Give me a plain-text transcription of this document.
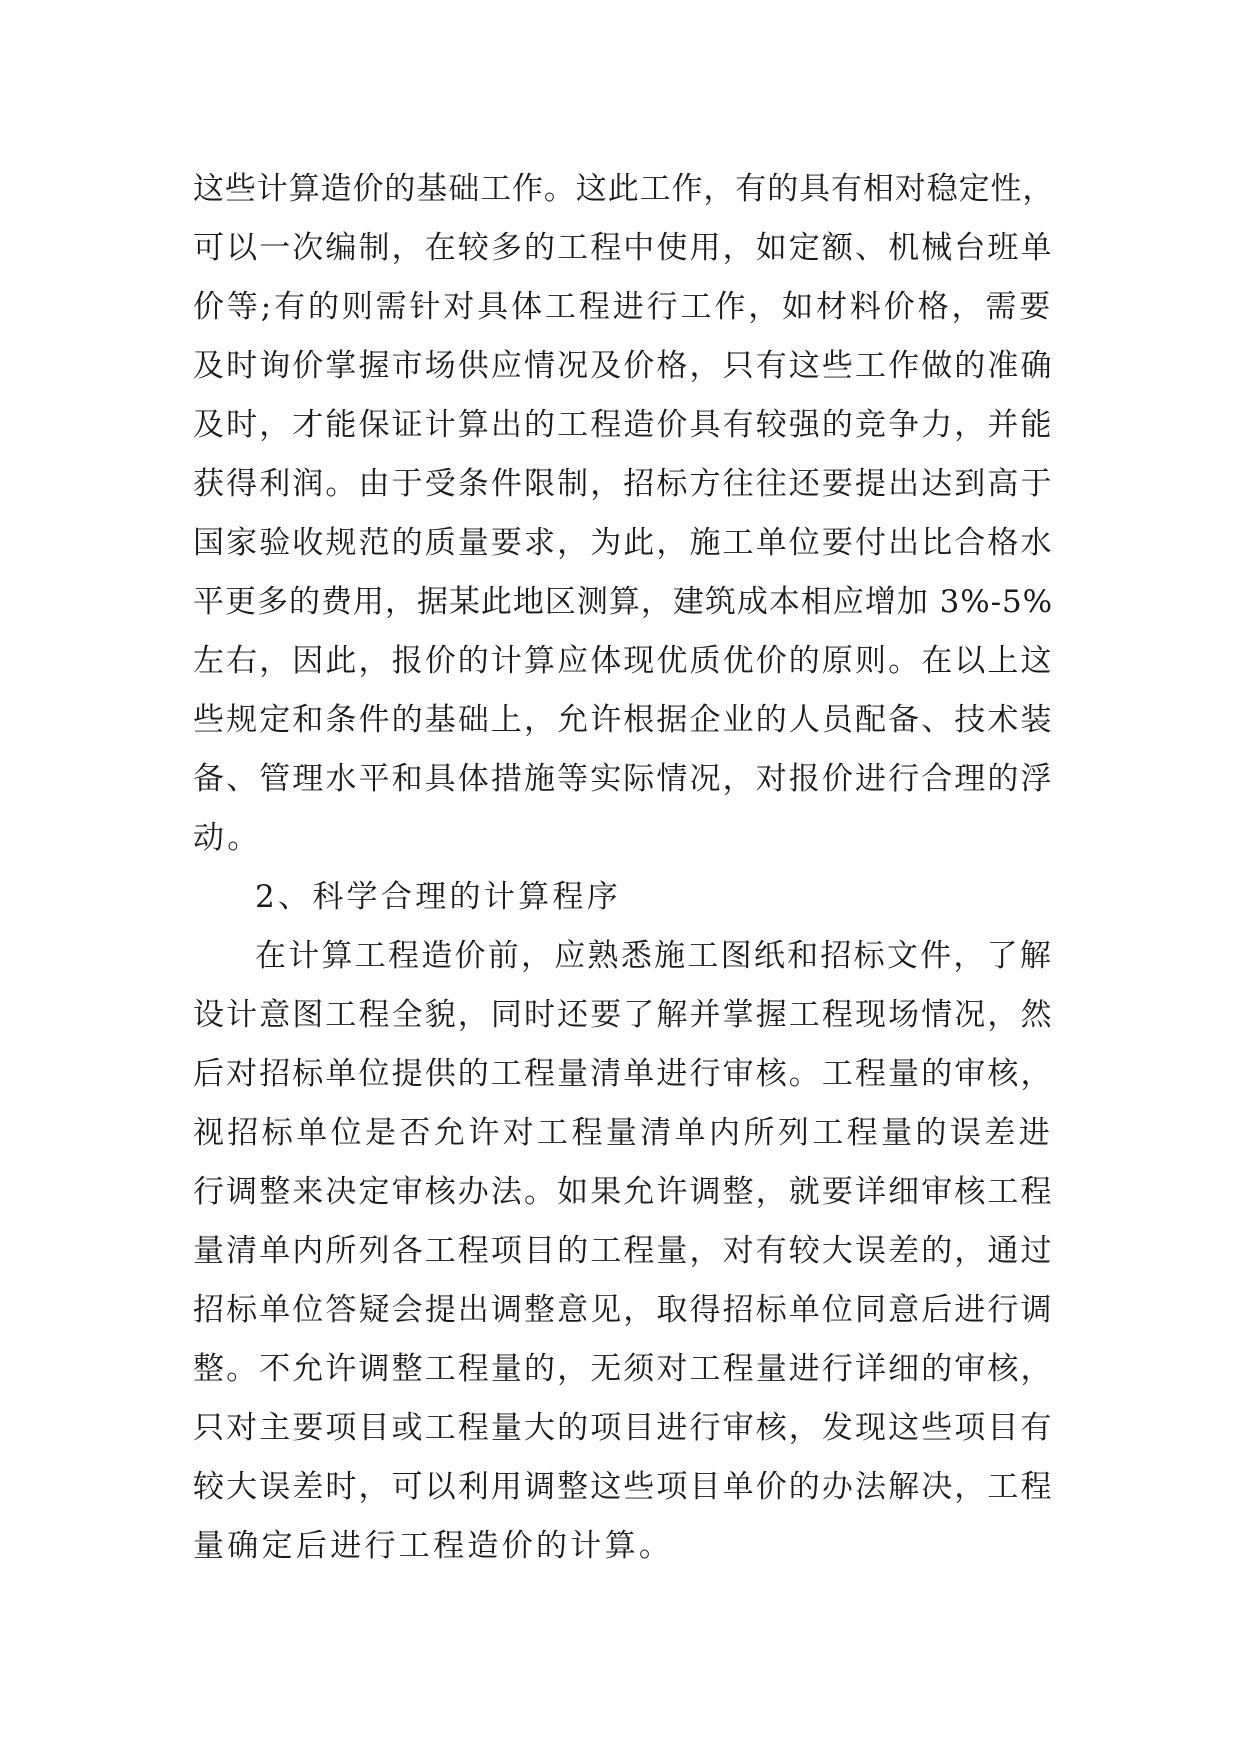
这些计算造价的基础工作。这此工作，有的具有相对稳定性，
可以一次编制，在较多的工程中使用，如定额、机械台班单
价等;有的则需针对具体工程进行工作，如材料价格，需要
及时询价掌握市场供应情况及价格，只有这些工作做的准确
及时，才能保证计算出的工程造价具有较强的竞争力，并能
获得利润。由于受条件限制，招标方往往还要提出达到高于
国家验收规范的质量要求，为此，施工单位要付出比合格水
平更多的费用，据某此地区测算，建筑成本相应增加 3%-5%
左右，因此，报价的计算应体现优质优价的原则。在以上这
些规定和条件的基础上，允许根据企业的人员配备、技术装
备、管理水平和具体措施等实际情况，对报价进行合理的浮
动。
2、科学合理的计算程序
在计算工程造价前，应熟悉施工图纸和招标文件，了解
设计意图工程全貌，同时还要了解并掌握工程现场情况，然
后对招标单位提供的工程量清单进行审核。工程量的审核，
视招标单位是否允许对工程量清单内所列工程量的误差进
行调整来决定审核办法。如果允许调整，就要详细审核工程
量清单内所列各工程项目的工程量，对有较大误差的，通过
招标单位答疑会提出调整意见，取得招标单位同意后进行调
整。不允许调整工程量的，无须对工程量进行详细的审核，
只对主要项目或工程量大的项目进行审核，发现这些项目有
较大误差时，可以利用调整这些项目单价的办法解决，工程
量确定后进行工程造价的计算。
